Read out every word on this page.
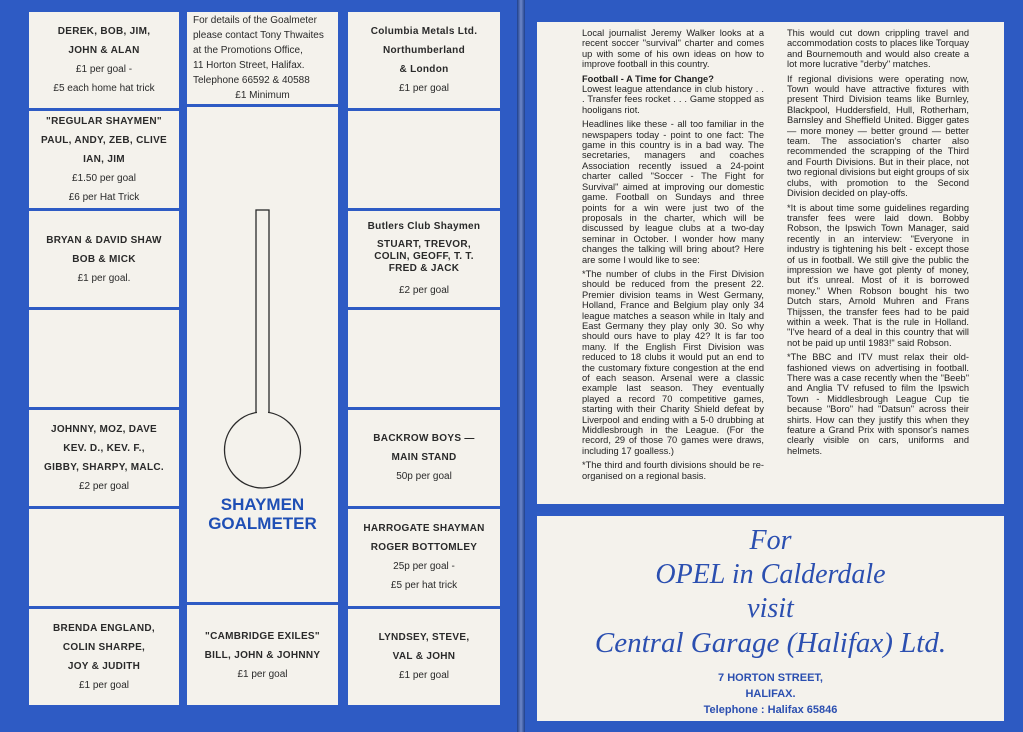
DEREK, BOB, JIM,
JOHN & ALAN
£1 per goal -
£5 each home hat trick
"REGULAR SHAYMEN"
PAUL, ANDY, ZEB, CLIVE
IAN, JIM
£1.50 per goal
£6 per Hat Trick
BRYAN & DAVID SHAW
BOB & MICK
£1 per goal.
JOHNNY, MOZ, DAVE
KEV. D., KEV. F.,
GIBBY, SHARPY, MALC.
£2 per goal
BRENDA ENGLAND,
COLIN SHARPE,
JOY & JUDITH
£1 per goal
For details of the Goalmeter
please contact Tony Thwaites
at the Promotions Office,
11 Horton Street, Halifax.
Telephone 66592 & 40588
£1 Minimum
SHAYMEN
GOALMETER
"CAMBRIDGE EXILES"
BILL, JOHN & JOHNNY
£1 per goal
Columbia Metals Ltd.
Northumberland
& London
£1 per goal
Butlers Club Shaymen
STUART, TREVOR,
COLIN, GEOFF, T. T.
FRED & JACK
£2 per goal
BACKROW BOYS —
MAIN STAND
50p per goal
HARROGATE SHAYMAN
ROGER BOTTOMLEY
25p per goal -
£5 per hat trick
LYNDSEY, STEVE,
VAL & JOHN
£1 per goal

Local journalist Jeremy Walker looks at a recent soccer "survival" charter and comes up with some of his own ideas on how to improve football in this country.

Football - A Time for Change?

Lowest league attendance in club history . . . Transfer fees rocket . . . Game stopped as hooligans riot.

Headlines like these - all too familiar in the newspapers today - point to one fact: The game in this country is in a bad way. The secretaries, managers and coaches Association recently issued a 24-point charter called "Soccer - The Fight for Survival" aimed at improving our domestic game. Football on Sundays and three points for a win were just two of the proposals in the charter, which will be discussed by league clubs at a two-day seminar in October. I wonder how many changes the talking will bring about? Here are some I would like to see:

*The number of clubs in the First Division should be reduced from the present 22. Premier division teams in West Germany, Holland, France and Belgium play only 34 league matches a season while in Italy and East Germany they play only 30. So why should ours have to play 42? It is far too many. If the English First Division was reduced to 18 clubs it would put an end to the customary fixture congestion at the end of each season. Arsenal were a classic example last season. They eventually played a record 70 competitive games, starting with their Charity Shield defeat by Liverpool and ending with a 5-0 drubbing at Middlesbrough in the League. (For the record, 29 of those 70 games were draws, including 17 goalless.)

*The third and fourth divisions should be re-organised on a regional basis.

This would cut down crippling travel and accommodation costs to places like Torquay and Bournemouth and would also create a lot more lucrative "derby" matches.

If regional divisions were operating now, Town would have attractive fixtures with present Third Division teams like Burnley, Blackpool, Huddersfield, Hull, Rotherham, Barnsley and Sheffield United. Bigger gates — more money — better ground — better team. The association's charter also recommended the scrapping of the Third and Fourth Divisions. But in their place, not two regional divisions but eight groups of six clubs, with promotion to the Second Division decided on play-offs.

*It is about time some guidelines regarding transfer fees were laid down. Bobby Robson, the Ipswich Town Manager, said recently in an interview: "Everyone in industry is tightening his belt - except those of us in football. We still give the public the impression we have got plenty of money, but it's unreal. Most of it is borrowed money." When Robson bought his two Dutch stars, Arnold Muhren and Frans Thijssen, the transfer fees had to be paid within a week. That is the rule in Holland. "I've heard of a deal in this country that will not be paid up until 1983!" said Robson.

*The BBC and ITV must relax their old-fashioned views on advertising in football. There was a case recently when the "Beeb" and Anglia TV refused to film the Ipswich Town - Middlesbrough League Cup tie because "Boro" had "Datsun" across their shirts. How can they justify this when they feature a Grand Prix with sponsor's names clearly visible on cars, uniforms and helmets.

For
OPEL in Calderdale
visit
Central Garage (Halifax) Ltd.
7 HORTON STREET,
HALIFAX.
Telephone : Halifax 65846
